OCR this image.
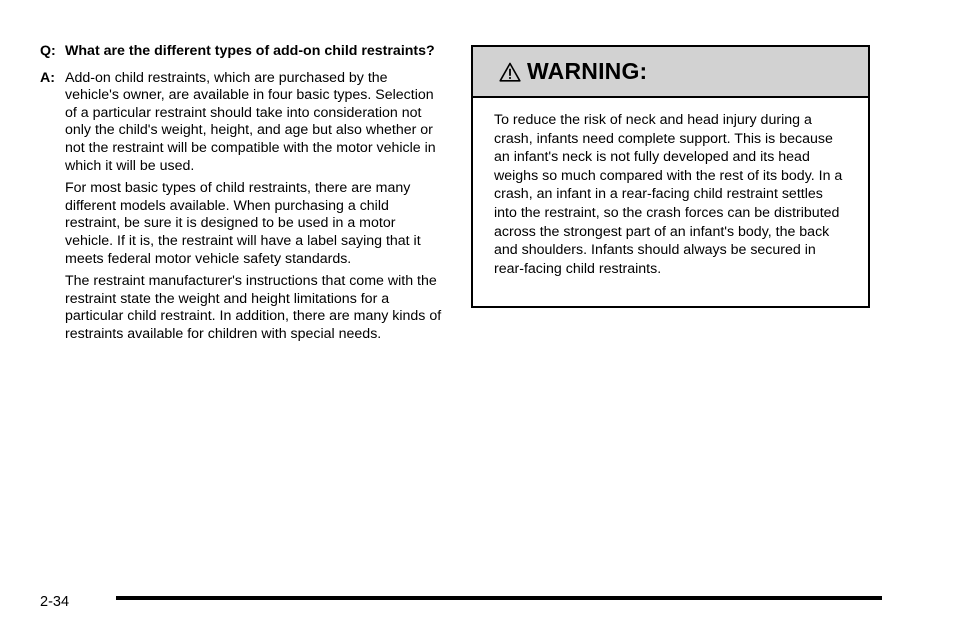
Q: What are the different types of add-on child restraints?
A: Add-on child restraints, which are purchased by the vehicle's owner, are available in four basic types. Selection of a particular restraint should take into consideration not only the child's weight, height, and age but also whether or not the restraint will be compatible with the motor vehicle in which it will be used.

For most basic types of child restraints, there are many different models available. When purchasing a child restraint, be sure it is designed to be used in a motor vehicle. If it is, the restraint will have a label saying that it meets federal motor vehicle safety standards.

The restraint manufacturer's instructions that come with the restraint state the weight and height limitations for a particular child restraint. In addition, there are many kinds of restraints available for children with special needs.

WARNING:
To reduce the risk of neck and head injury during a crash, infants need complete support. This is because an infant's neck is not fully developed and its head weighs so much compared with the rest of its body. In a crash, an infant in a rear-facing child restraint settles into the restraint, so the crash forces can be distributed across the strongest part of an infant's body, the back and shoulders. Infants should always be secured in rear-facing child restraints.
2-34
